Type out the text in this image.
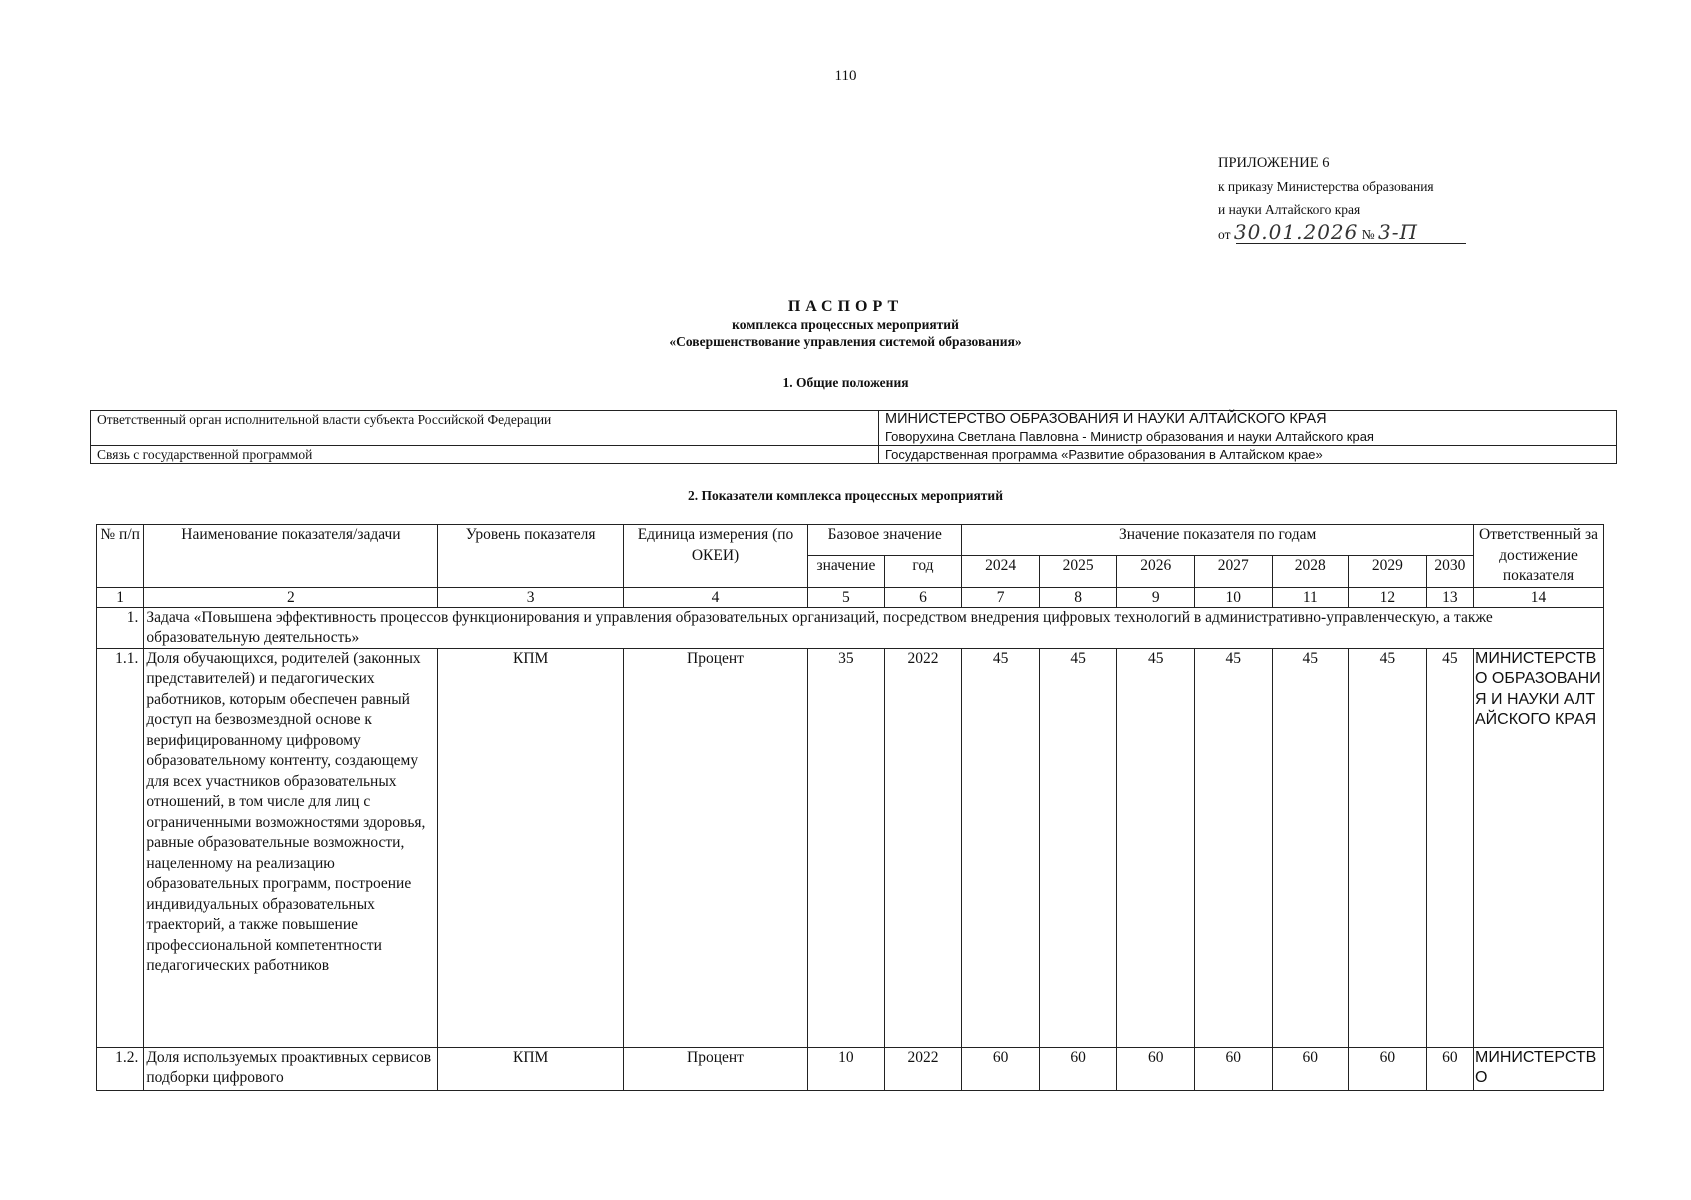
110
ПРИЛОЖЕНИЕ 6
к приказу Министерства образования
и науки Алтайского края
от 30.01.2026 № 3-П
ПАСПОРТ
комплекса процессных мероприятий
«Совершенствование управления системой образования»
1. Общие положения
Ответственный орган исполнительной власти субъекта Российской Федерации	МИНИСТЕРСТВО ОБРАЗОВАНИЯ И НАУКИ АЛТАЙСКОГО КРАЯ
Говорухина Светлана Павловна - Министр образования и науки Алтайского края

Связь с государственной программой	Государственная программа «Развитие образования в Алтайском крае»
2. Показатели комплекса процессных мероприятий
№ п/п	Наименование показателя/задачи	Уровень показателя	Единица измерения (по ОКЕИ)	Базовое значение		Значение показателя по годам							Ответственный за достижение показателя
				значение	год	2024	2025	2026	2027	2028	2029	2030	
1	2	3	4	5	6	7	8	9	10	11	12	13	14
1.	Задача «Повышена эффективность процессов функционирования и управления образовательных организаций, посредством внедрения цифровых технологий в административно-управленческую, а также образовательную деятельность»												
1.1.	Доля обучающихся, родителей (законных представителей) и педагогических работников, которым обеспечен равный доступ на безвозмездной основе к верифицированному цифровому образовательному контенту, создающему для всех участников образовательных отношений, в том числе для лиц с ограниченными возможностями здоровья, равные образовательные возможности, нацеленному на реализацию образовательных программ, построение индивидуальных образовательных траекторий, а также повышение профессиональной компетентности педагогических работников	КПМ	Процент	35	2022	45	45	45	45	45	45	45	МИНИСТЕРСТВО ОБРАЗОВАНИЯ И НАУКИ АЛТАЙСКОГО КРАЯ
1.2.	Доля используемых проактивных сервисов подборки цифрового	КПМ	Процент	10	2022	60	60	60	60	60	60	60	МИНИСТЕРСТВО
